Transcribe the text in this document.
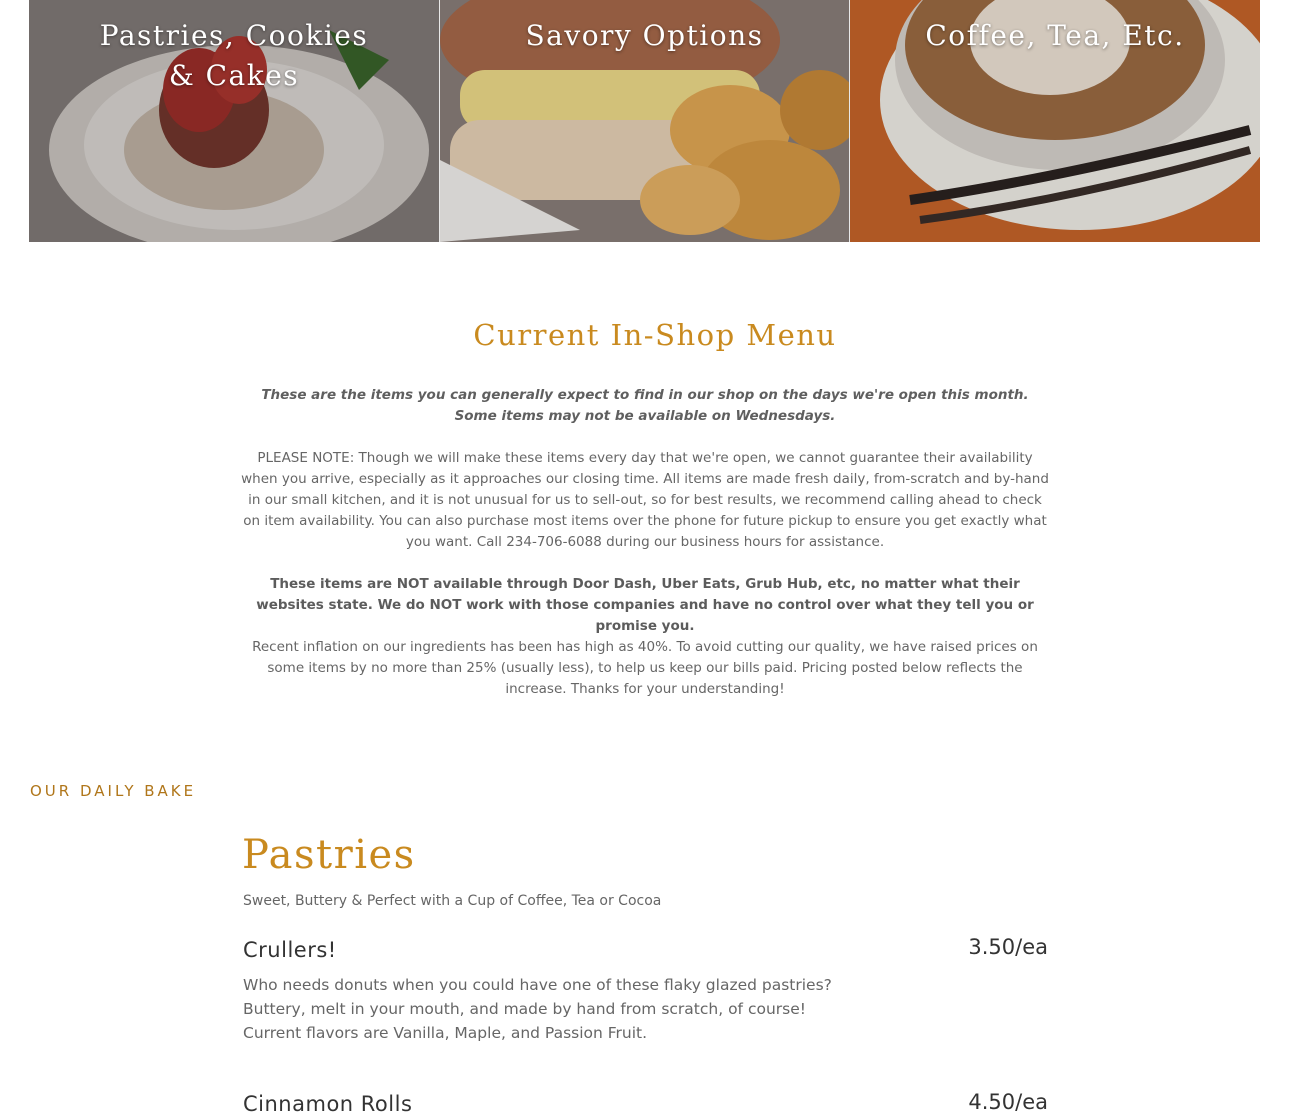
Pastries, Cookies & Cakes
Savory Options	Coffee, Tea, Etc.
Current In-Shop Menu
These are the items you can generally expect to find in our shop on the days we're open this month. Some items may not be available on Wednesdays.
PLEASE NOTE: Though we will make these items every day that we're open, we cannot guarantee their availability when you arrive, especially as it approaches our closing time. All items are made fresh daily, from-scratch and by-hand in our small kitchen, and it is not unusual for us to sell-out, so for best results, we recommend calling ahead to check on item availability. You can also purchase most items over the phone for future pickup to ensure you get exactly what you want. Call 234-706-6088 during our business hours for assistance.
These items are NOT available through Door Dash, Uber Eats, Grub Hub, etc, no matter what their websites state. We do NOT work with those companies and have no control over what they tell you or promise you.
Recent inflation on our ingredients has been has high as 40%. To avoid cutting our quality, we have raised prices on some items by no more than 25% (usually less), to help us keep our bills paid. Pricing posted below reflects the increase. Thanks for your understanding!
OUR DAILY BAKE
Pastries
Sweet, Buttery & Perfect with a Cup of Coffee, Tea or Cocoa
Crullers!	3.50/ea
Who needs donuts when you could have one of these flaky glazed pastries? Buttery, melt in your mouth, and made by hand from scratch, of course! Current flavors are Vanilla, Maple, and Passion Fruit.
Cinnamon Rolls	4.50/ea
